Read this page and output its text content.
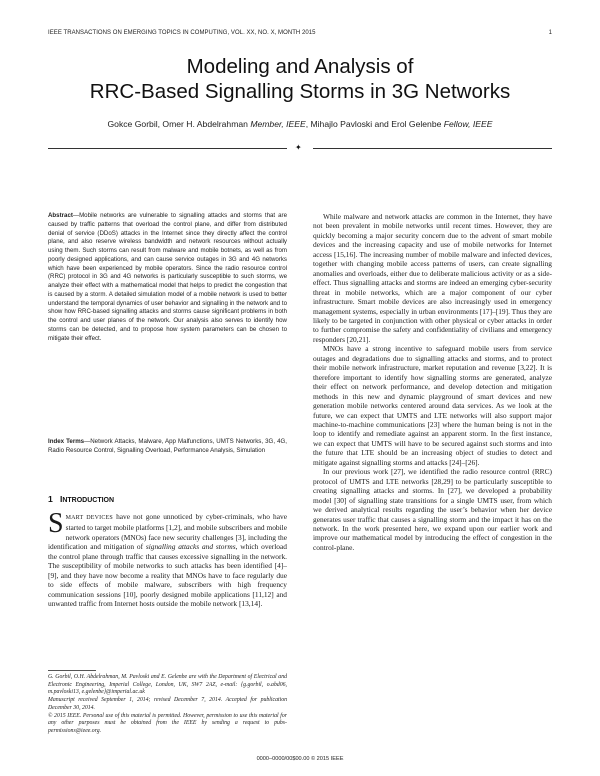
IEEE TRANSACTIONS ON EMERGING TOPICS IN COMPUTING, VOL. XX, NO. X, MONTH 2015	1
Modeling and Analysis of
RRC-Based Signalling Storms in 3G Networks
Gokce Gorbil, Omer H. Abdelrahman Member, IEEE, Mihajlo Pavloski and Erol Gelenbe Fellow, IEEE
✦
Abstract—Mobile networks are vulnerable to signalling attacks and storms that are caused by traffic patterns that overload the control plane, and differ from distributed denial of service (DDoS) attacks in the Internet since they directly affect the control plane, and also reserve wireless bandwidth and network resources without actually using them. Such storms can result from malware and mobile botnets, as well as from poorly designed applications, and can cause service outages in 3G and 4G networks which have been experienced by mobile operators. Since the radio resource control (RRC) protocol in 3G and 4G networks is particularly susceptible to such storms, we analyze their effect with a mathematical model that helps to predict the congestion that is caused by a storm. A detailed simulation model of a mobile network is used to better understand the temporal dynamics of user behavior and signalling in the network and to show how RRC-based signalling attacks and storms cause significant problems in both the control and user planes of the network. Our analysis also serves to identify how storms can be detected, and to propose how system parameters can be chosen to mitigate their effect.
Index Terms—Network Attacks, Malware, App Malfunctions, UMTS Networks, 3G, 4G, Radio Resource Control, Signalling Overload, Performance Analysis, Simulation
1 INTRODUCTION
SMART DEVICES have not gone unnoticed by cyber-criminals, who have started to target mobile platforms [1,2], and mobile subscribers and mobile network operators (MNOs) face new security challenges [3], including the identification and mitigation of signalling attacks and storms, which overload the control plane through traffic that causes excessive signalling in the network. The susceptibility of mobile networks to such attacks has been identified [4]–[9], and they have now become a reality that MNOs have to face regularly due to side effects of mobile malware, subscribers with high frequency communication sessions [10], poorly designed mobile applications [11,12] and unwanted traffic from Internet hosts outside the mobile network [13,14].

G. Gorbil, O.H. Abdelrahman, M. Pavloski and E. Gelenbe are with the Department of Electrical and Electronic Engineering, Imperial College, London, UK, SW7 2AZ, e-mail: {g.gorbil, o.abd06, m.pavloski13, e.gelenbe}@imperial.ac.uk

Manuscript received September 1, 2014; revised December 7, 2014. Accepted for publication December 30, 2014.

© 2015 IEEE. Personal use of this material is permitted. However, permission to use this material for any other purposes must be obtained from the IEEE by sending a request to pubs-permissions@ieee.org.

While malware and network attacks are common in the Internet, they have not been prevalent in mobile networks until recent times. However, they are quickly becoming a major security concern due to the advent of smart mobile devices and the increasing capacity and use of mobile networks for Internet access [15,16]. The increasing number of mobile malware and infected devices, together with changing mobile access patterns of users, can create signalling anomalies and overloads, either due to deliberate malicious activity or as a side-effect. Thus signalling attacks and storms are indeed an emerging cyber-security threat in mobile networks, which are a major component of our cyber infrastructure. Smart mobile devices are also increasingly used in emergency management systems, especially in urban environments [17]–[19]. Thus they are likely to be targeted in conjunction with other physical or cyber attacks in order to further compromise the safety and confidentiality of civilians and emergency responders [20,21].

MNOs have a strong incentive to safeguard mobile users from service outages and degradations due to signalling attacks and storms, and to protect their mobile network infrastructure, market reputation and revenue [3,22]. It is therefore important to identify how signalling storms are generated, analyze their effect on network performance, and develop detection and mitigation methods in this new and dynamic playground of smart devices and new generation mobile networks centered around data services. As we look at the future, we can expect that UMTS and LTE networks will also support major machine-to-machine communications [23] where the human being is not in the loop to identify and remediate against an apparent storm. In the first instance, we can expect that UMTS will have to be secured against such storms and into the future that LTE should be an increasing object of studies to detect and mitigate against signalling storms and attacks [24]–[26].

In our previous work [27], we identified the radio resource control (RRC) protocol of UMTS and LTE networks [28,29] to be particularly susceptible to creating signalling attacks and storms. In [27], we developed a probability model [30] of signalling state transitions for a single UMTS user, from which we derived analytical results regarding the user’s behavior when her device generates user traffic that causes a signalling storm and the impact it has on the network. In the work presented here, we expand upon our earlier work and improve our mathematical model by introducing the effect of congestion in the control-plane.

0000–0000/00$00.00 © 2015 IEEE
